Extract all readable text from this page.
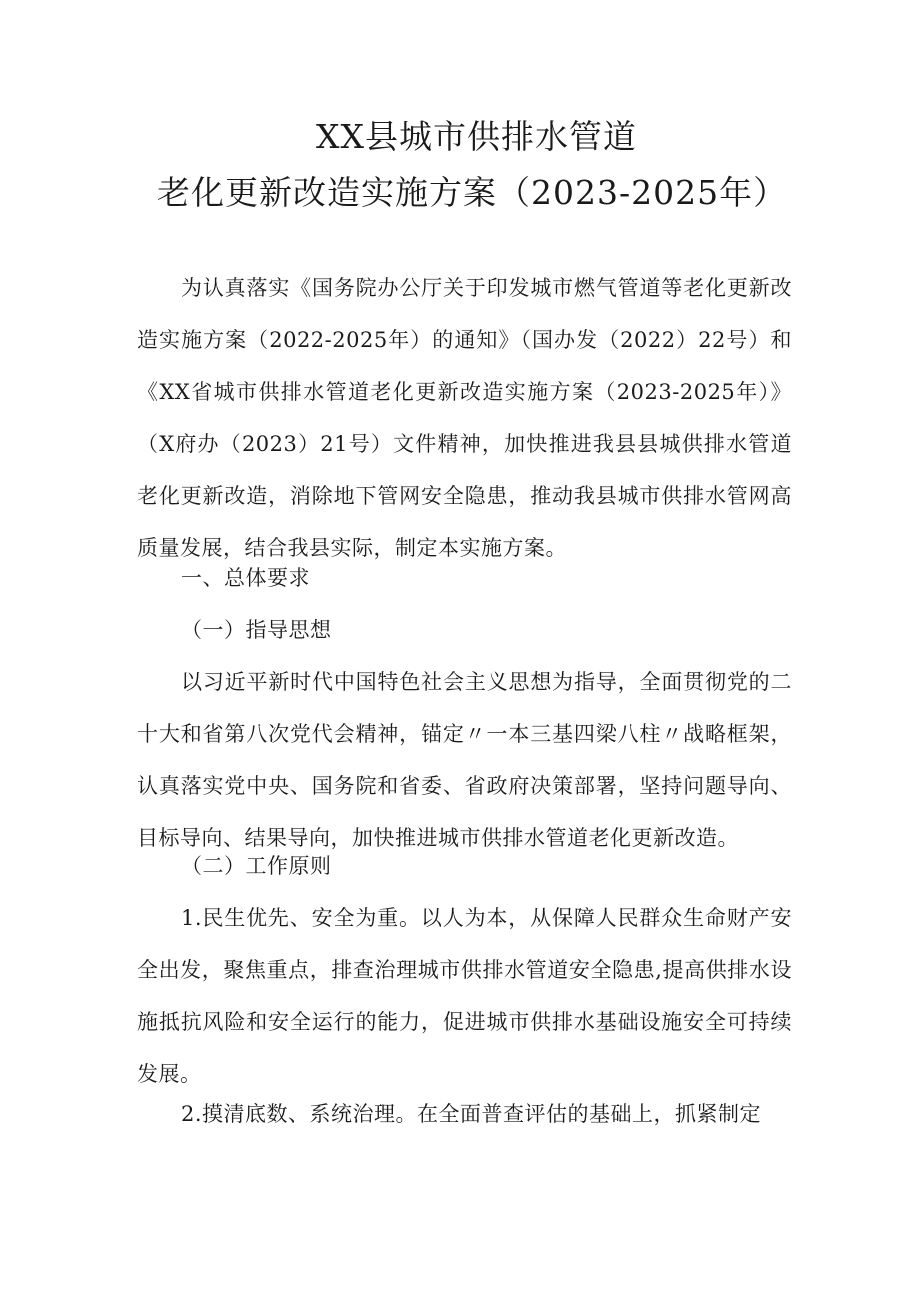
XX县城市供排水管道
老化更新改造实施方案（2023-2025年）
为认真落实《国务院办公厅关于印发城市燃气管道等老化更新改造实施方案（2022-2025年）的通知》（国办发（2022）22号）和《XX省城市供排水管道老化更新改造实施方案（2023-2025年）》（X府办（2023）21号）文件精神，加快推进我县县城供排水管道老化更新改造，消除地下管网安全隐患，推动我县城市供排水管网高质量发展，结合我县实际，制定本实施方案。
一、总体要求
（一）指导思想
以习近平新时代中国特色社会主义思想为指导，全面贯彻党的二十大和省第八次党代会精神，锚定〃一本三基四梁八柱〃战略框架，认真落实党中央、国务院和省委、省政府决策部署，坚持问题导向、目标导向、结果导向，加快推进城市供排水管道老化更新改造。
（二）工作原则
1.民生优先、安全为重。以人为本，从保障人民群众生命财产安全出发，聚焦重点，排查治理城市供排水管道安全隐患,提高供排水设施抵抗风险和安全运行的能力，促进城市供排水基础设施安全可持续发展。
2.摸清底数、系统治理。在全面普查评估的基础上，抓紧制定
